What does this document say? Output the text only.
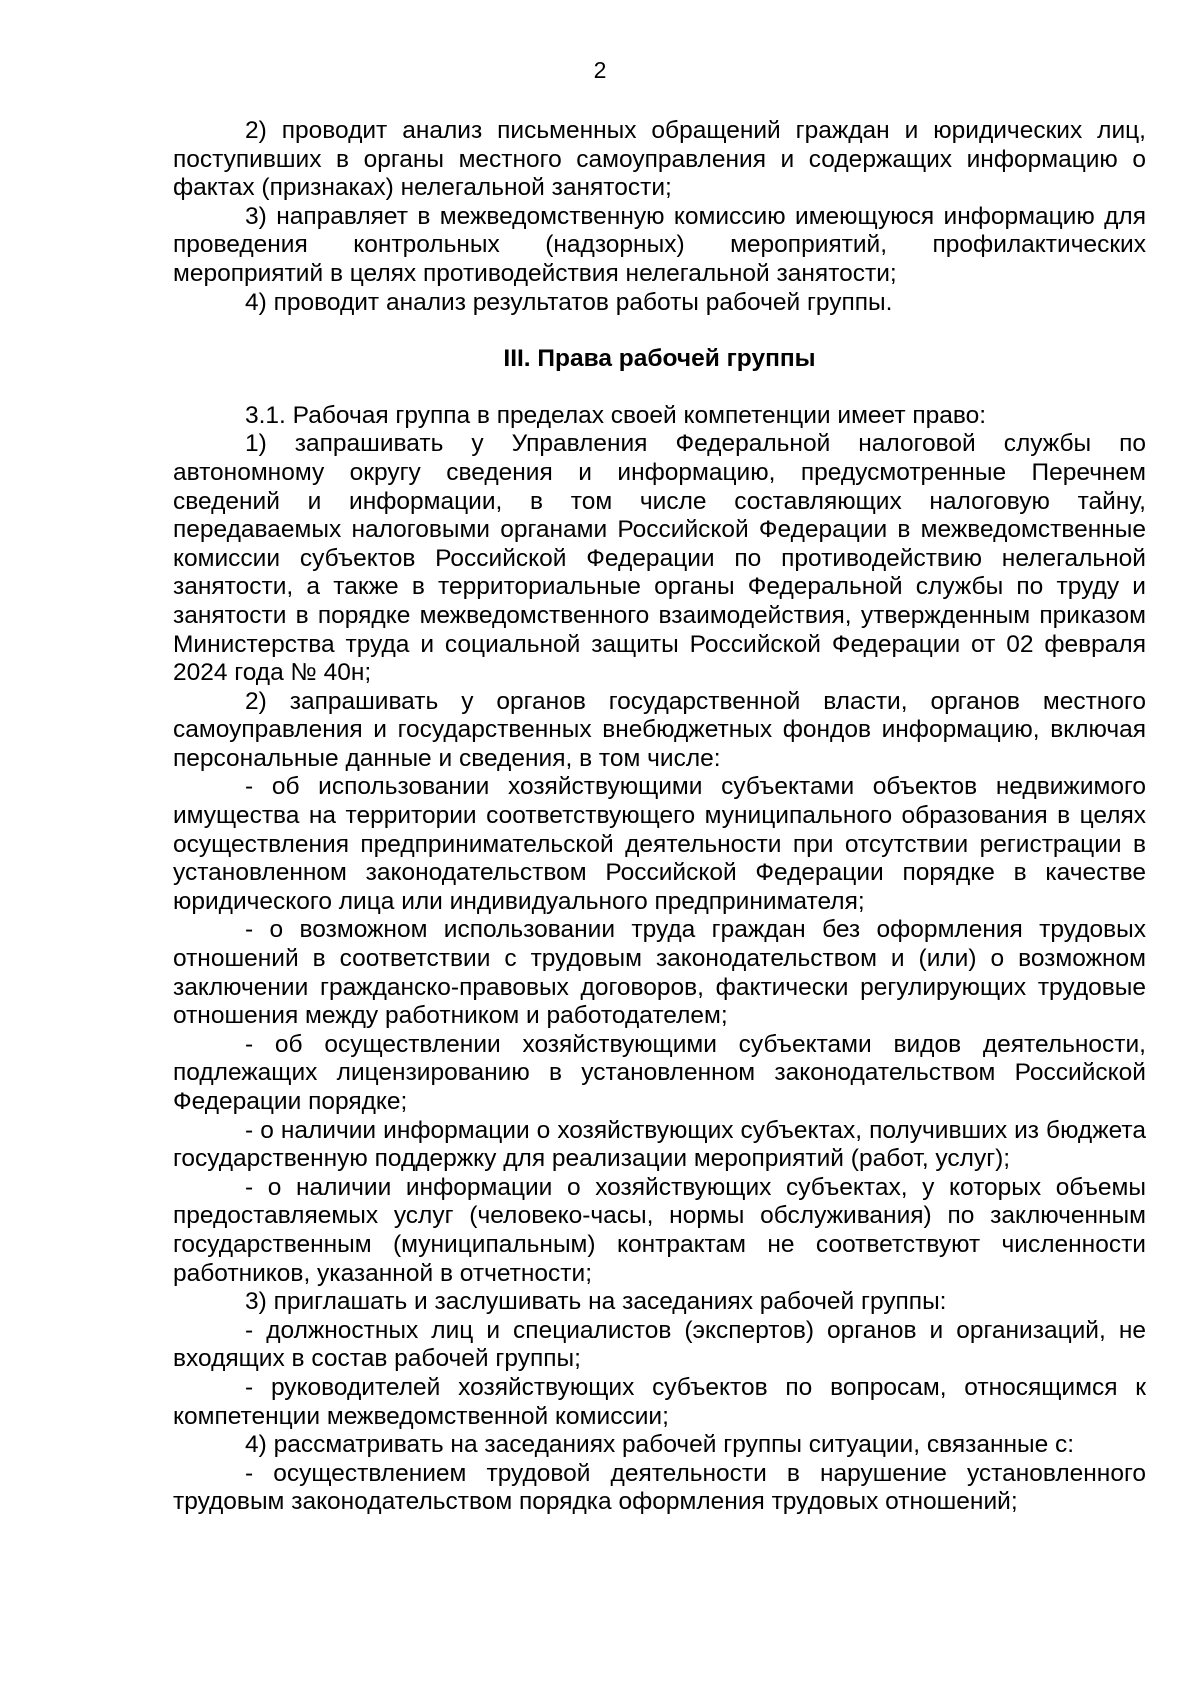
2

2) проводит анализ письменных обращений граждан и юридических лиц, поступивших в органы местного самоуправления и содержащих информацию о фактах (признаках) нелегальной занятости;

3) направляет в межведомственную комиссию имеющуюся информацию для проведения контрольных (надзорных) мероприятий, профилактических мероприятий в целях противодействия нелегальной занятости;

4) проводит анализ результатов работы рабочей группы.

III. Права рабочей группы

3.1. Рабочая группа в пределах своей компетенции имеет право:

1) запрашивать у Управления Федеральной налоговой службы по автономному округу сведения и информацию, предусмотренные Перечнем сведений и информации, в том числе составляющих налоговую тайну, передаваемых налоговыми органами Российской Федерации в межведомственные комиссии субъектов Российской Федерации по противодействию нелегальной занятости, а также в территориальные органы Федеральной службы по труду и занятости в порядке межведомственного взаимодействия, утвержденным приказом Министерства труда и социальной защиты Российской Федерации от 02 февраля 2024 года № 40н;

2) запрашивать у органов государственной власти, органов местного самоуправления и государственных внебюджетных фондов информацию, включая персональные данные и сведения, в том числе:

- об использовании хозяйствующими субъектами объектов недвижимого имущества на территории соответствующего муниципального образования в целях осуществления предпринимательской деятельности при отсутствии регистрации в установленном законодательством Российской Федерации порядке в качестве юридического лица или индивидуального предпринимателя;

- о возможном использовании труда граждан без оформления трудовых отношений в соответствии с трудовым законодательством и (или) о возможном заключении гражданско-правовых договоров, фактически регулирующих трудовые отношения между работником и работодателем;

- об осуществлении хозяйствующими субъектами видов деятельности, подлежащих лицензированию в установленном законодательством Российской Федерации порядке;

- о наличии информации о хозяйствующих субъектах, получивших из бюджета государственную поддержку для реализации мероприятий (работ, услуг);

- о наличии информации о хозяйствующих субъектах, у которых объемы предоставляемых услуг (человеко-часы, нормы обслуживания) по заключенным государственным (муниципальным) контрактам не соответствуют численности работников, указанной в отчетности;

3) приглашать и заслушивать на заседаниях рабочей группы:

- должностных лиц и специалистов (экспертов) органов и организаций, не входящих в состав рабочей группы;

- руководителей хозяйствующих субъектов по вопросам, относящимся к компетенции межведомственной комиссии;

4) рассматривать на заседаниях рабочей группы ситуации, связанные с:

- осуществлением трудовой деятельности в нарушение установленного трудовым законодательством порядка оформления трудовых отношений;
